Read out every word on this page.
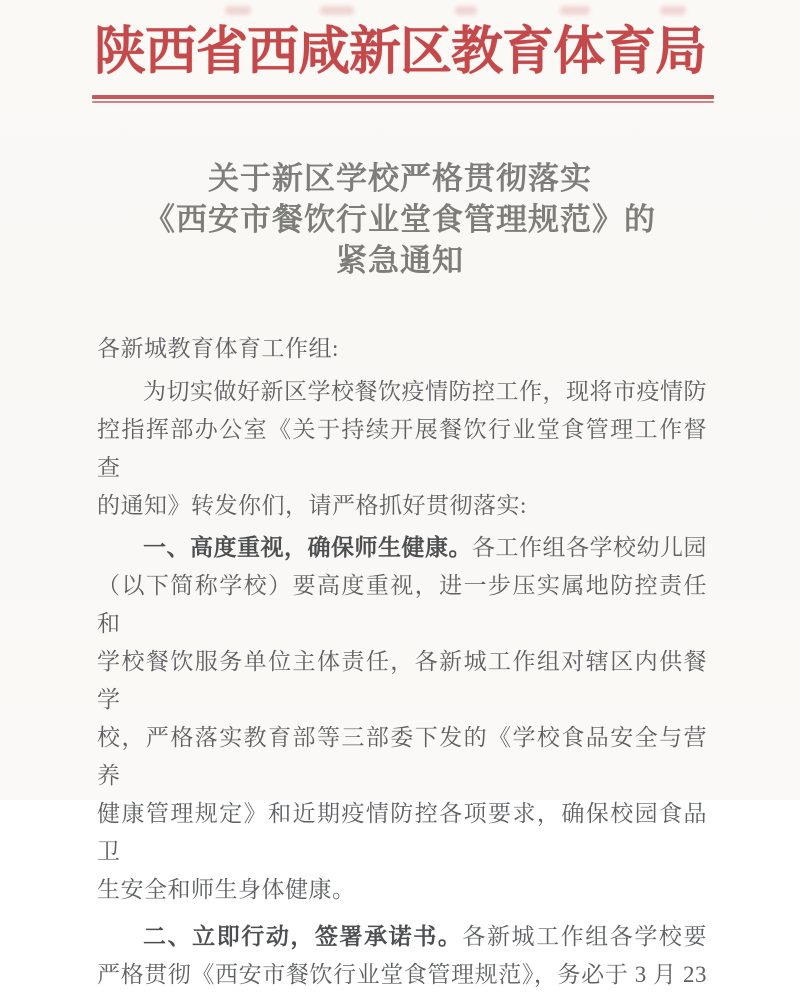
陕西省西咸新区教育体育局
关于新区学校严格贯彻落实
《西安市餐饮行业堂食管理规范》的
紧急通知
各新城教育体育工作组:
为切实做好新区学校餐饮疫情防控工作，现将市疫情防
控指挥部办公室《关于持续开展餐饮行业堂食管理工作督查
的通知》转发你们，请严格抓好贯彻落实:
一、高度重视，确保师生健康。各工作组各学校幼儿园
（以下简称学校）要高度重视，进一步压实属地防控责任和
学校餐饮服务单位主体责任，各新城工作组对辖区内供餐学
校，严格落实教育部等三部委下发的《学校食品安全与营养
健康管理规定》和近期疫情防控各项要求，确保校园食品卫
生安全和师生身体健康。
二、立即行动，签署承诺书。各新城工作组各学校要
严格贯彻《西安市餐饮行业堂食管理规范》，务必于 3 月 23
